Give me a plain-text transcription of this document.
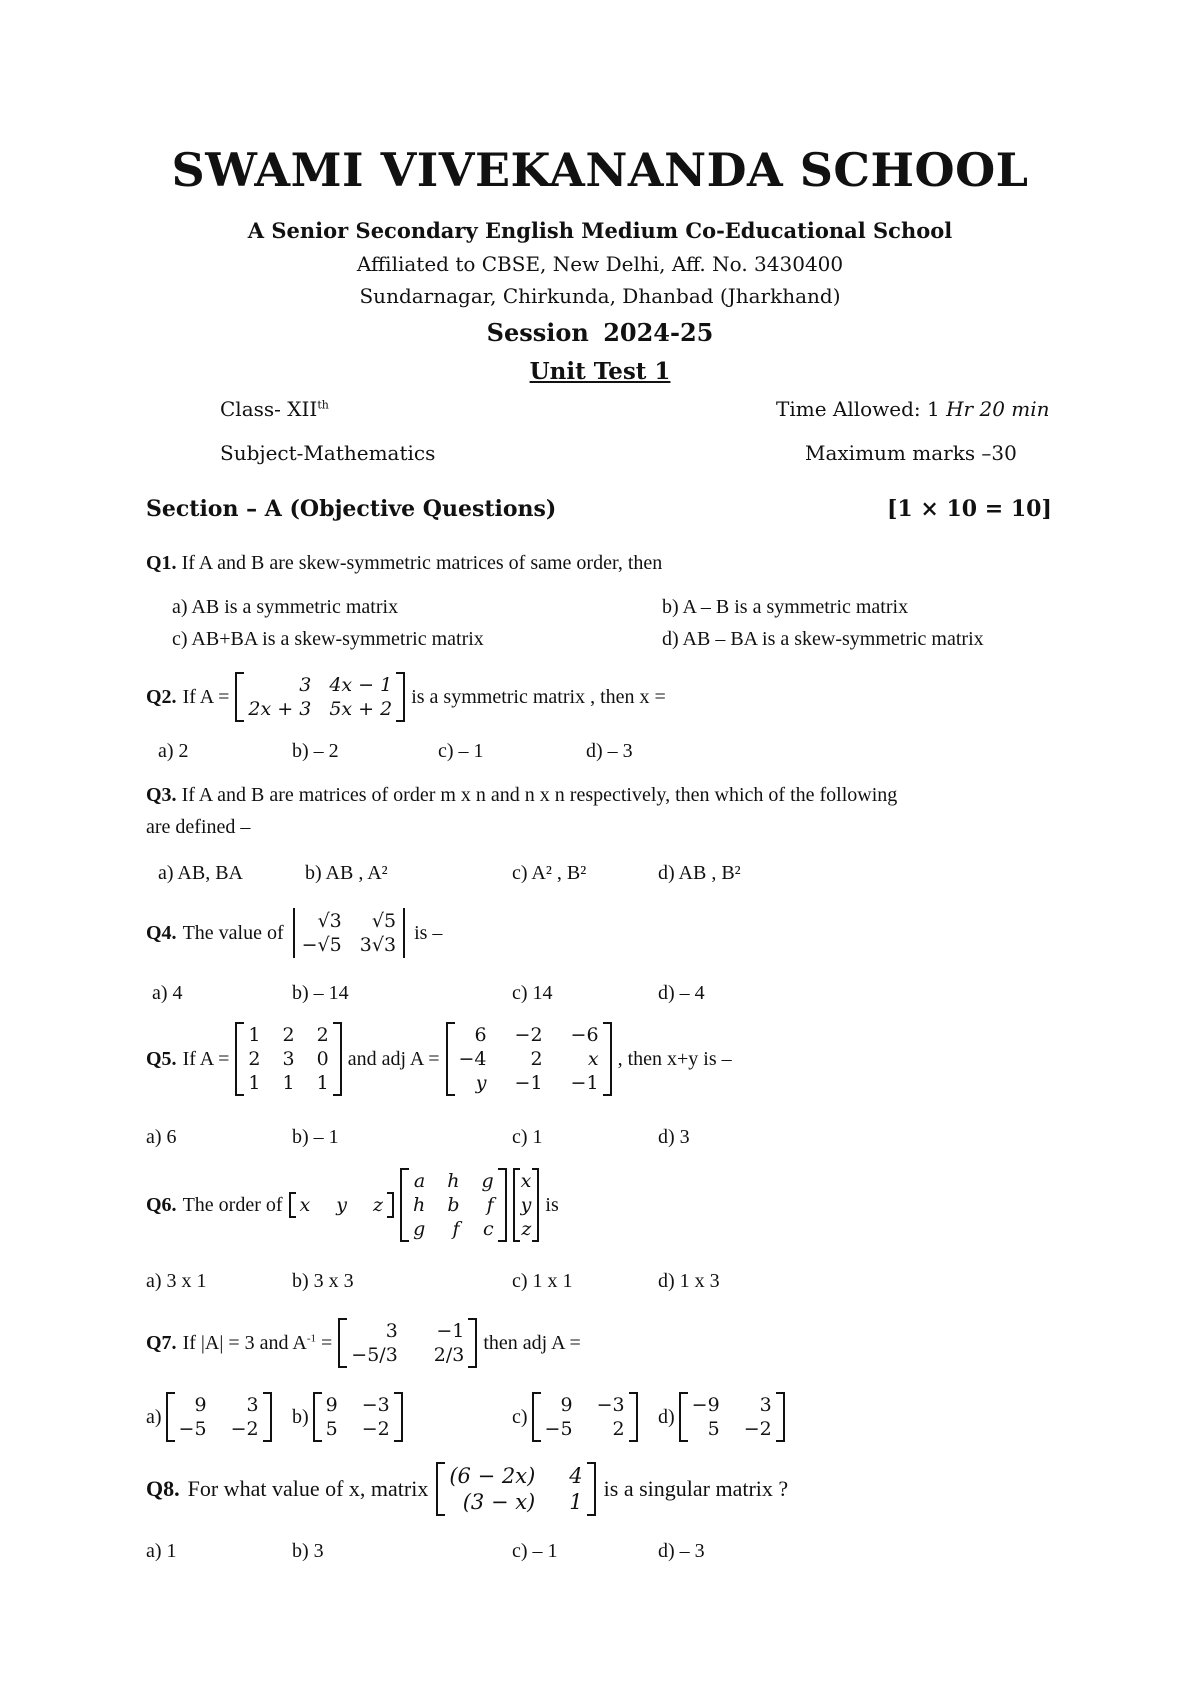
SWAMI VIVEKANANDA SCHOOL
A Senior Secondary English Medium Co-Educational School
Affiliated to CBSE, New Delhi, Aff. No. 3430400
Sundarnagar, Chirkunda, Dhanbad (Jharkhand)
Session 2024-25
Unit Test 1
Class- XIIth	Time Allowed: 1 Hr 20 min
Subject-Mathematics	Maximum marks –30
Section – A (Objective Questions)	[1 × 10 = 10]
Q1. If A and B are skew-symmetric matrices of same order, then
a) AB is a symmetric matrix	b) A – B is a symmetric matrix
c) AB+BA is a skew-symmetric matrix	d) AB – BA is a skew-symmetric matrix
Q2. If A =
3 4x − 1
2x + 3 5x + 2
is a symmetric matrix , then x =
a) 2	b) – 2	c) – 1	d) – 3
Q3. If A and B are matrices of order m x n and n x n respectively, then which of the following
are defined –
a) AB, BA	b) AB , A²	c) A² , B²	d) AB , B²
Q4. The value of
√3	√5
−√5 3√3
is –
a) 4	b) – 14	c) 14	d) – 4
Q5. If A =
1 2 2
2 3 0
1 1 1
and adj A =
6 −2 −6
−4	2	x
y −1 −1
, then x+y is –
a) 6	b) – 1	c) 1	d) 3
Q6. The order of x y z
a h g
h b f
g f c
x
y
z
is
a) 3 x 1	b) 3 x 3	c) 1 x 1	d) 1 x 3
Q7. If |A| = 3 and $A^{-1}$ =
3 −1
−5/3 2/3
then adj A =
a)
9	3
−5 −2
b)
9 −3
5 −2
c)
9 −3
−5	2
d)
−9	3
5 −2
Q8. For what value of x, matrix (6 − 2x) 4
(3 − x) 1
is a singular matrix ?
a) 1	b) 3	c) – 1	d) – 3
